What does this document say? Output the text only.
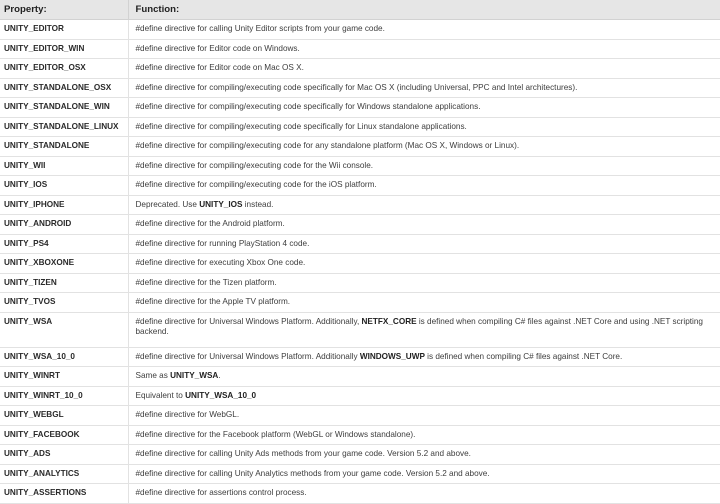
Property:	Function:
UNITY_EDITOR	#define directive for calling Unity Editor scripts from your game code.
UNITY_EDITOR_WIN	#define directive for Editor code on Windows.
UNITY_EDITOR_OSX	#define directive for Editor code on Mac OS X.
UNITY_STANDALONE_OSX	#define directive for compiling/executing code specifically for Mac OS X (including Universal, PPC and Intel architectures).
UNITY_STANDALONE_WIN	#define directive for compiling/executing code specifically for Windows standalone applications.
UNITY_STANDALONE_LINUX	#define directive for compiling/executing code specifically for Linux standalone applications.
UNITY_STANDALONE	#define directive for compiling/executing code for any standalone platform (Mac OS X, Windows or Linux).
UNITY_WII	#define directive for compiling/executing code for the Wii console.
UNITY_IOS	#define directive for compiling/executing code for the iOS platform.
UNITY_IPHONE	Deprecated. Use UNITY_IOS instead.
UNITY_ANDROID	#define directive for the Android platform.
UNITY_PS4	#define directive for running PlayStation 4 code.
UNITY_XBOXONE	#define directive for executing Xbox One code.
UNITY_TIZEN	#define directive for the Tizen platform.
UNITY_TVOS	#define directive for the Apple TV platform.
UNITY_WSA	#define directive for Universal Windows Platform. Additionally, NETFX_CORE is defined when compiling C# files against .NET Core and using .NET scripting backend.
UNITY_WSA_10_0	#define directive for Universal Windows Platform. Additionally WINDOWS_UWP is defined when compiling C# files against .NET Core.
UNITY_WINRT	Same as UNITY_WSA.
UNITY_WINRT_10_0	Equivalent to UNITY_WSA_10_0
UNITY_WEBGL	#define directive for WebGL.
UNITY_FACEBOOK	#define directive for the Facebook platform (WebGL or Windows standalone).
UNITY_ADS	#define directive for calling Unity Ads methods from your game code. Version 5.2 and above.
UNITY_ANALYTICS	#define directive for calling Unity Analytics methods from your game code. Version 5.2 and above.
UNITY_ASSERTIONS	#define directive for assertions control process.
